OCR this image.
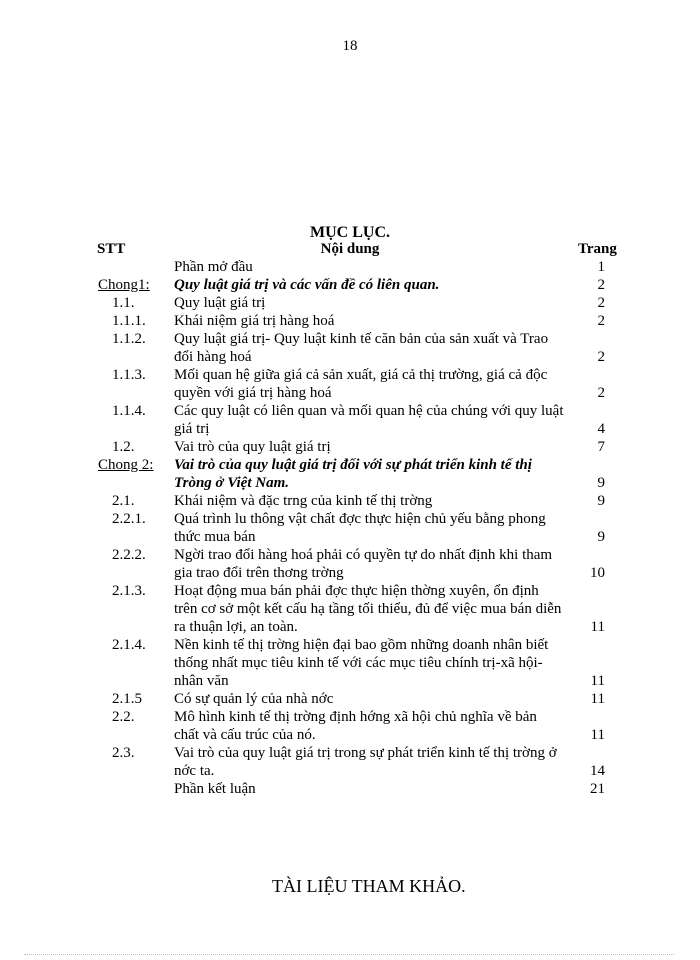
18
MỤC LỤC.
STT	Nội dung	Trang
Phần mở đầu	1
Chong1: Quy luật giá trị và các vấn đề có liên quan.	2
1.1.	Quy luật giá trị	2
1.1.1. Khái niệm giá trị hàng hoá	2
1.1.2. Quy luật giá trị- Quy luật kinh tế căn bản của sản xuất và Trao đổi hàng hoá	2
1.1.3. Mối quan hệ giữa giá cả sản xuất, giá cả thị trường, giá cả độc quyền với giá trị hàng hoá	2
1.1.4. Các quy luật có liên quan và mối quan hệ của chúng với quy luật giá trị	4
1.2.	Vai trò của quy luật giá trị	7
Chong 2: Vai trò của quy luật giá trị đối với sự phát triển kinh tế thị Tròng ở Việt Nam.	9
2.1.	Khái niệm và đặc trng của kinh tế thị trờng	9
2.2.1. Quá trình lu thông vật chất đợc thực hiện chủ yếu bằng phong thức mua bán	9
2.2.2. Ngời trao đổi hàng hoá phải có quyền tự do nhất định khi tham gia trao đổi trên thơng trờng	10
2.1.3. Hoạt động mua bán phải đợc thực hiện thờng xuyên, ổn định trên cơ sở một kết cấu hạ tầng tối thiểu, đủ để việc mua bán diễn ra thuận lợi, an toàn.	11
2.1.4. Nền kinh tế thị trờng hiện đại bao gồm những doanh nhân biết thống nhất mục tiêu kinh tế với các mục tiêu chính trị-xã hội- nhân văn	11
2.1.5 Có sự quản lý của nhà nớc	11
2.2.	Mô hình kinh tế thị trờng định hớng xã hội chủ nghĩa về bản chất và cấu trúc của nó.	11
2.3.	Vai trò của quy luật giá trị trong sự phát triển kinh tế thị trờng ở nớc ta.	14
Phần kết luận	21
TÀI LIỆU THAM KHẢO.
